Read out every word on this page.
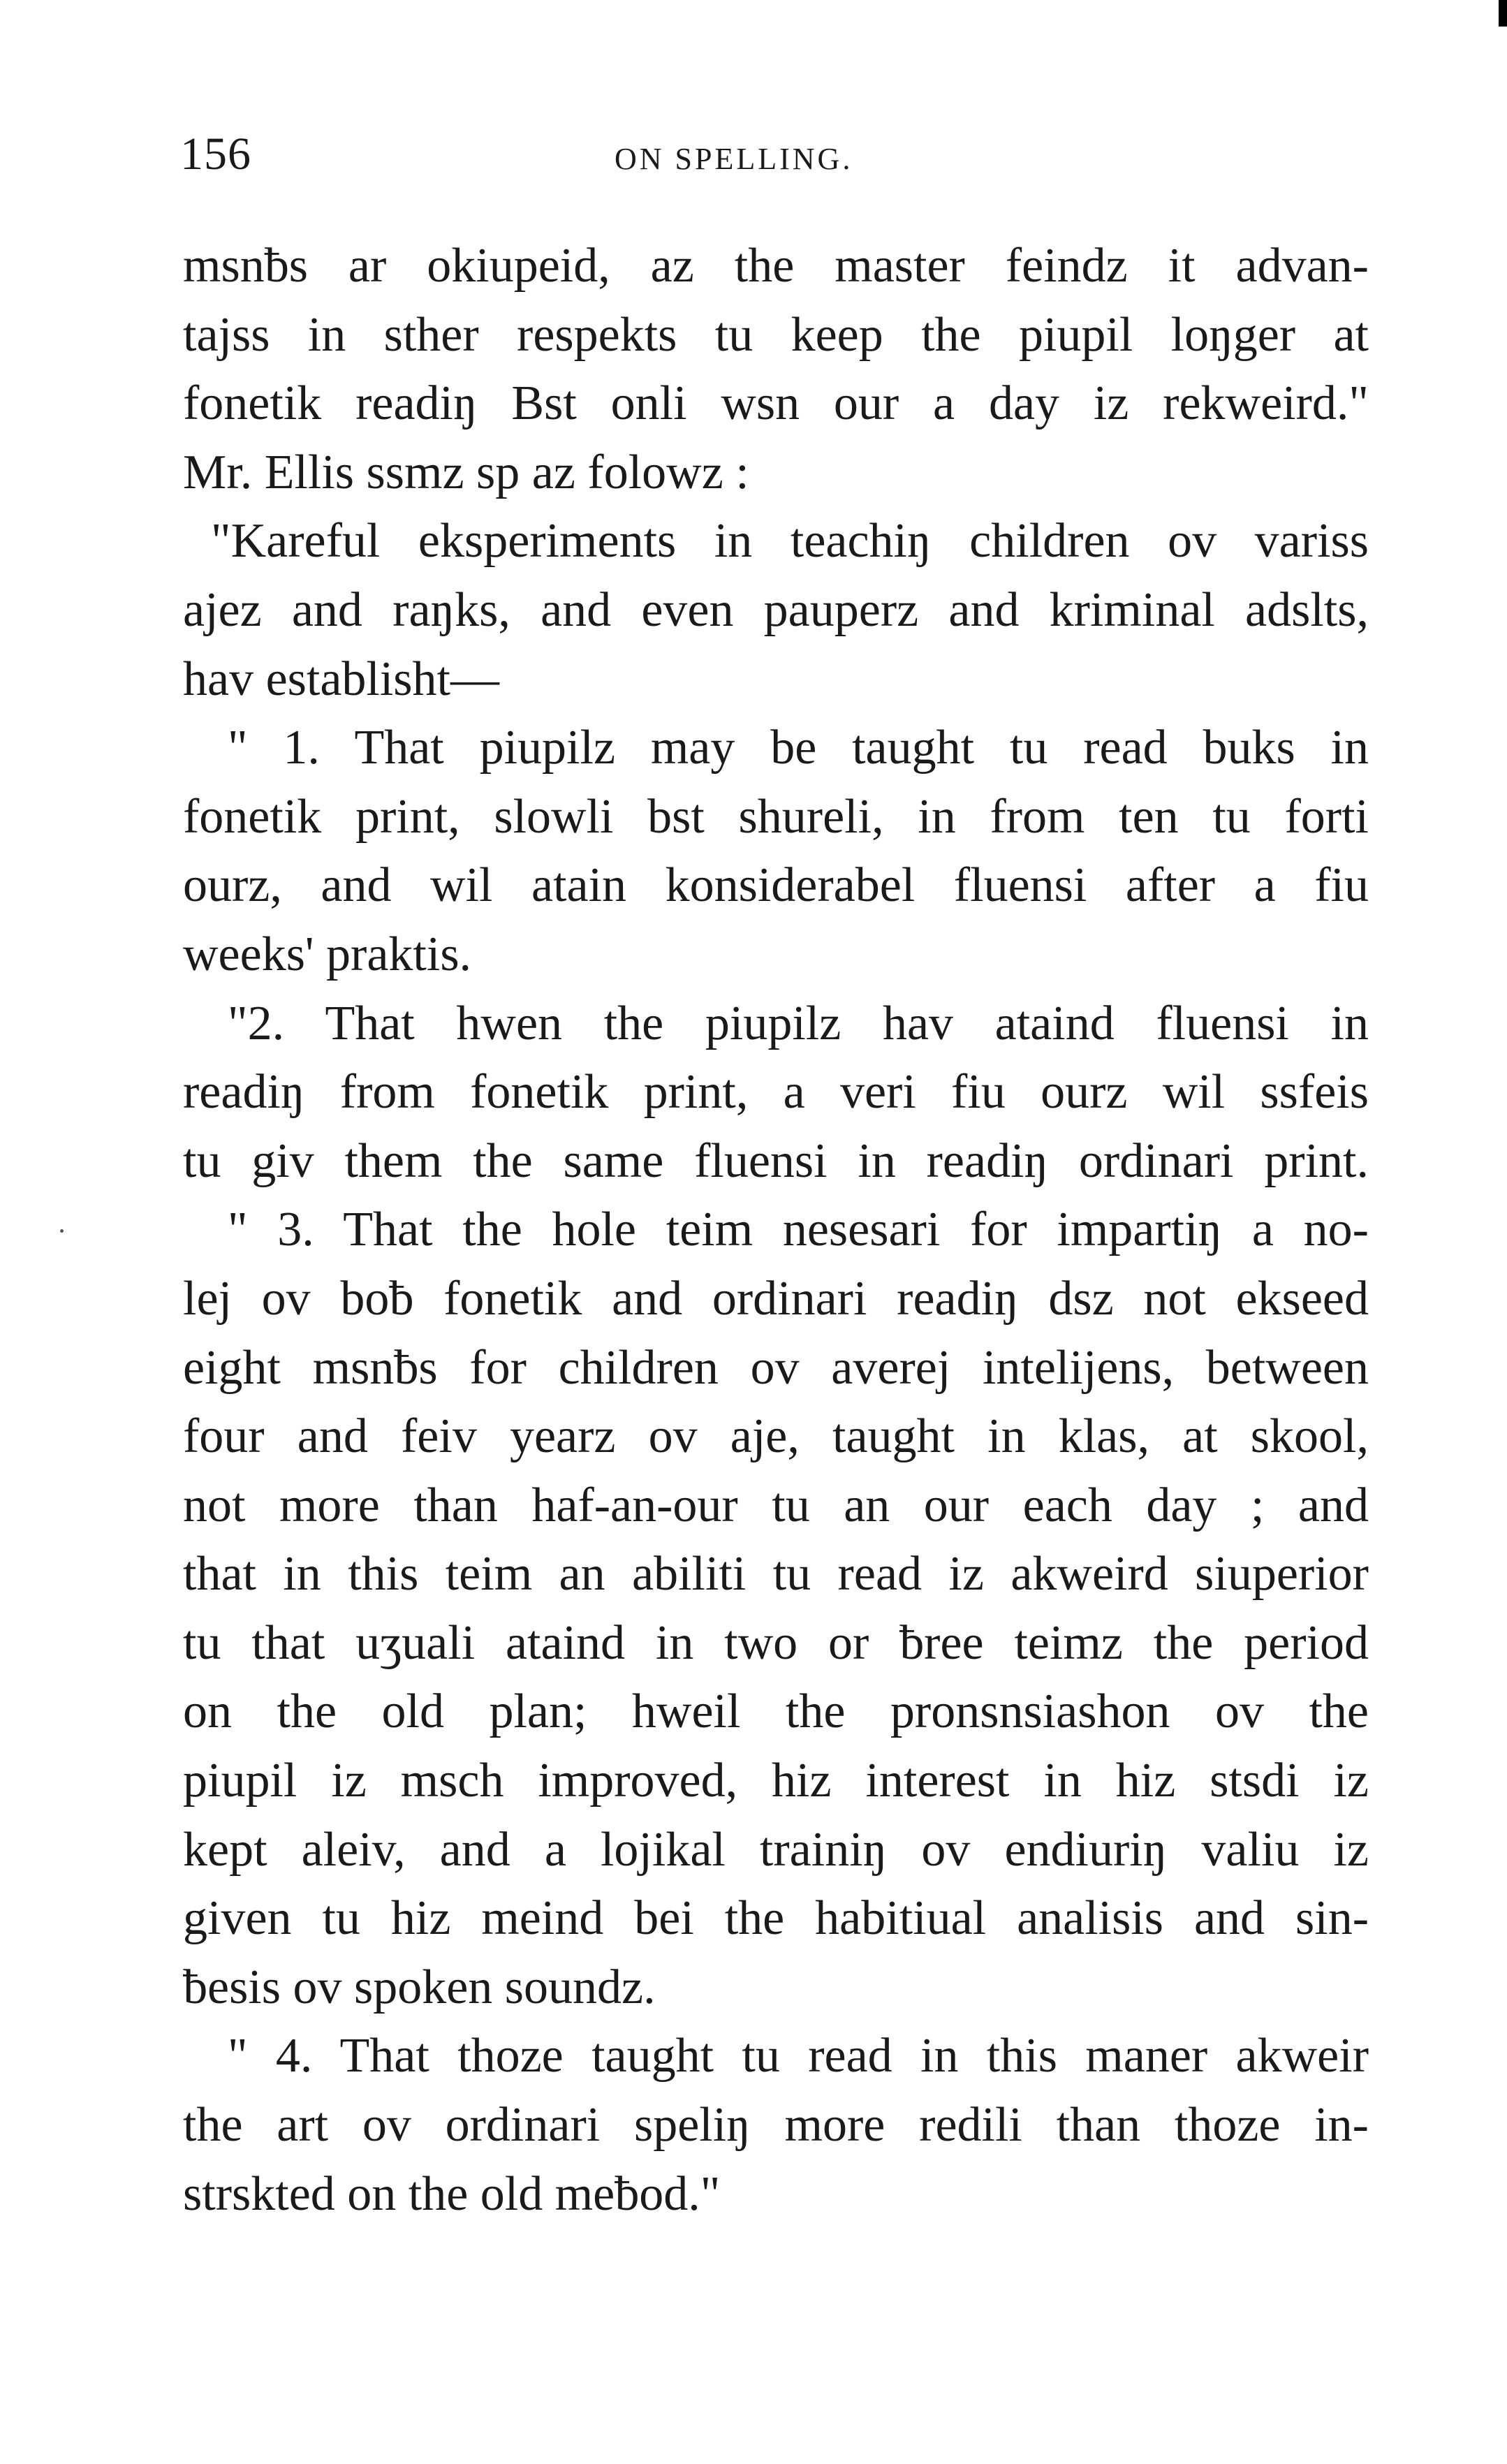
156	ON SPELLING.
msnƀs ar okiupeid, az the master feindz it advan-
tajss in sther respekts tu keep the piupil loŋger at
fonetik readiŋ Bst onli wsn our a day iz rekweird."
Mr. Ellis ssmz sp az folowz :
"Kareful eksperiments in teachiŋ children ov variss
ajez and raŋks, and even pauperz and kriminal adslts,
hav establisht—
" 1. That piupilz may be taught tu read buks in
fonetik print, slowli bst shureli, in from ten tu forti
ourz, and wil atain konsiderabel fluensi after a fiu
weeks' praktis.
"2. That hwen the piupilz hav ataind fluensi in
readiŋ from fonetik print, a veri fiu ourz wil ssfeis
tu giv them the same fluensi in readiŋ ordinari print.
" 3. That the hole teim nesesari for impartiŋ a no-
lej ov boƀ fonetik and ordinari readiŋ dsz not ekseed
eight msnƀs for children ov averej intelijens, between
four and feiv yearz ov aje, taught in klas, at skool,
not more than haf-an-our tu an our each day ; and
that in this teim an abiliti tu read iz akweird siuperior
tu that uʒuali ataind in two or ƀree teimz the period
on the old plan; hweil the pronsnsiashon ov the
piupil iz msch improved, hiz interest in hiz stsdi iz
kept aleiv, and a lojikal trainiŋ ov endiuriŋ valiu iz
given tu hiz meind bei the habitiual analisis and sin-
ƀesis ov spoken soundz.
" 4. That thoze taught tu read in this maner akweir
the art ov ordinari speliŋ more redili than thoze in-
strskted on the old meƀod."
